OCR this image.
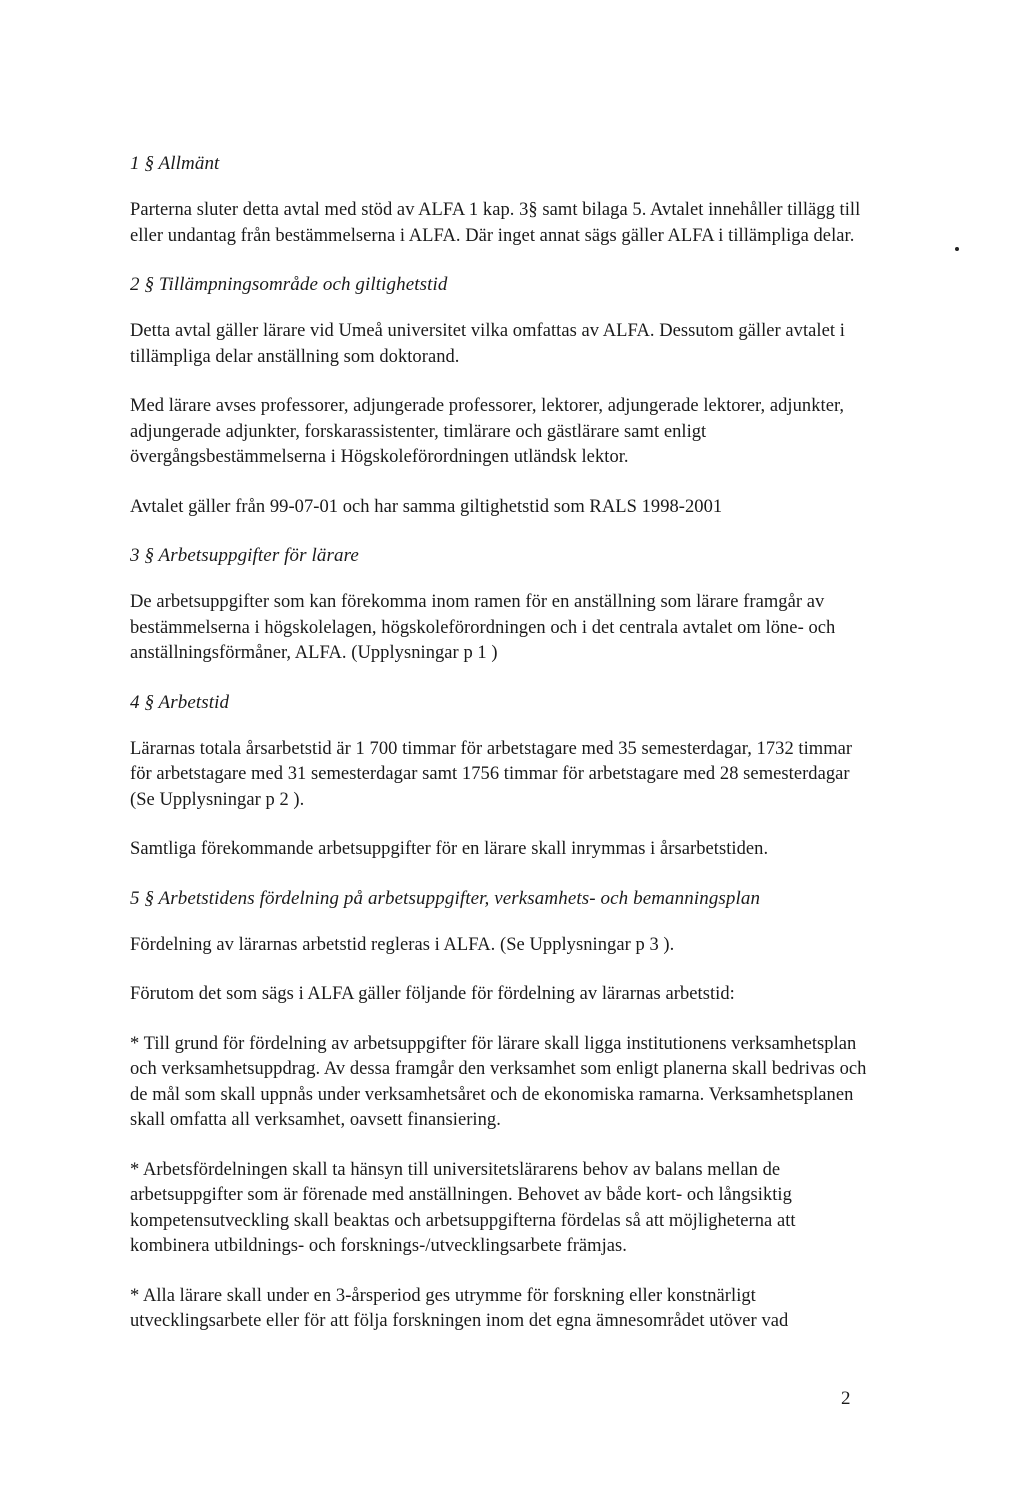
1 § Allmänt

Parterna sluter detta avtal med stöd av ALFA 1 kap. 3§ samt bilaga 5. Avtalet innehåller tillägg till eller undantag från bestämmelserna i ALFA. Där inget annat sägs gäller ALFA i tillämpliga delar.

2 § Tillämpningsområde och giltighetstid

Detta avtal gäller lärare vid Umeå universitet vilka omfattas av ALFA. Dessutom gäller avtalet i tillämpliga delar anställning som doktorand.

Med lärare avses professorer, adjungerade professorer, lektorer, adjungerade lektorer, adjunkter, adjungerade adjunkter, forskarassistenter, timlärare och gästlärare samt enligt övergångsbestämmelserna i Högskoleförordningen utländsk lektor.

Avtalet gäller från 99-07-01 och har samma giltighetstid som RALS 1998-2001

3 § Arbetsuppgifter för lärare

De arbetsuppgifter som kan förekomma inom ramen för en anställning som lärare framgår av bestämmelserna i högskolelagen, högskoleförordningen och i det centrala avtalet om löne- och anställningsförmåner, ALFA. (Upplysningar p 1 )

4 § Arbetstid

Lärarnas totala årsarbetstid är 1 700 timmar för arbetstagare med 35 semesterdagar, 1732 timmar för arbetstagare med 31 semesterdagar samt 1756 timmar för arbetstagare med 28 semesterdagar (Se Upplysningar p 2 ).

Samtliga förekommande arbetsuppgifter för en lärare skall inrymmas i årsarbetstiden.

5 § Arbetstidens fördelning på arbetsuppgifter, verksamhets- och bemanningsplan

Fördelning av lärarnas arbetstid regleras i ALFA. (Se Upplysningar p 3 ).

Förutom det som sägs i ALFA gäller följande för fördelning av lärarnas arbetstid:

* Till grund för fördelning av arbetsuppgifter för lärare skall ligga institutionens verksamhetsplan och verksamhetsuppdrag. Av dessa framgår den verksamhet som enligt planerna skall bedrivas och de mål som skall uppnås under verksamhetsåret och de ekonomiska ramarna. Verksamhetsplanen skall omfatta all verksamhet, oavsett finansiering.

* Arbetsfördelningen skall ta hänsyn till universitetslärarens behov av balans mellan de arbetsuppgifter som är förenade med anställningen. Behovet av både kort- och långsiktig kompetensutveckling skall beaktas och arbetsuppgifterna fördelas så att möjligheterna att kombinera utbildnings- och forsknings-/utvecklingsarbete främjas.

* Alla lärare skall under en 3-årsperiod ges utrymme för forskning eller konstnärligt utvecklingsarbete eller för att följa forskningen inom det egna ämnesområdet utöver vad

2
